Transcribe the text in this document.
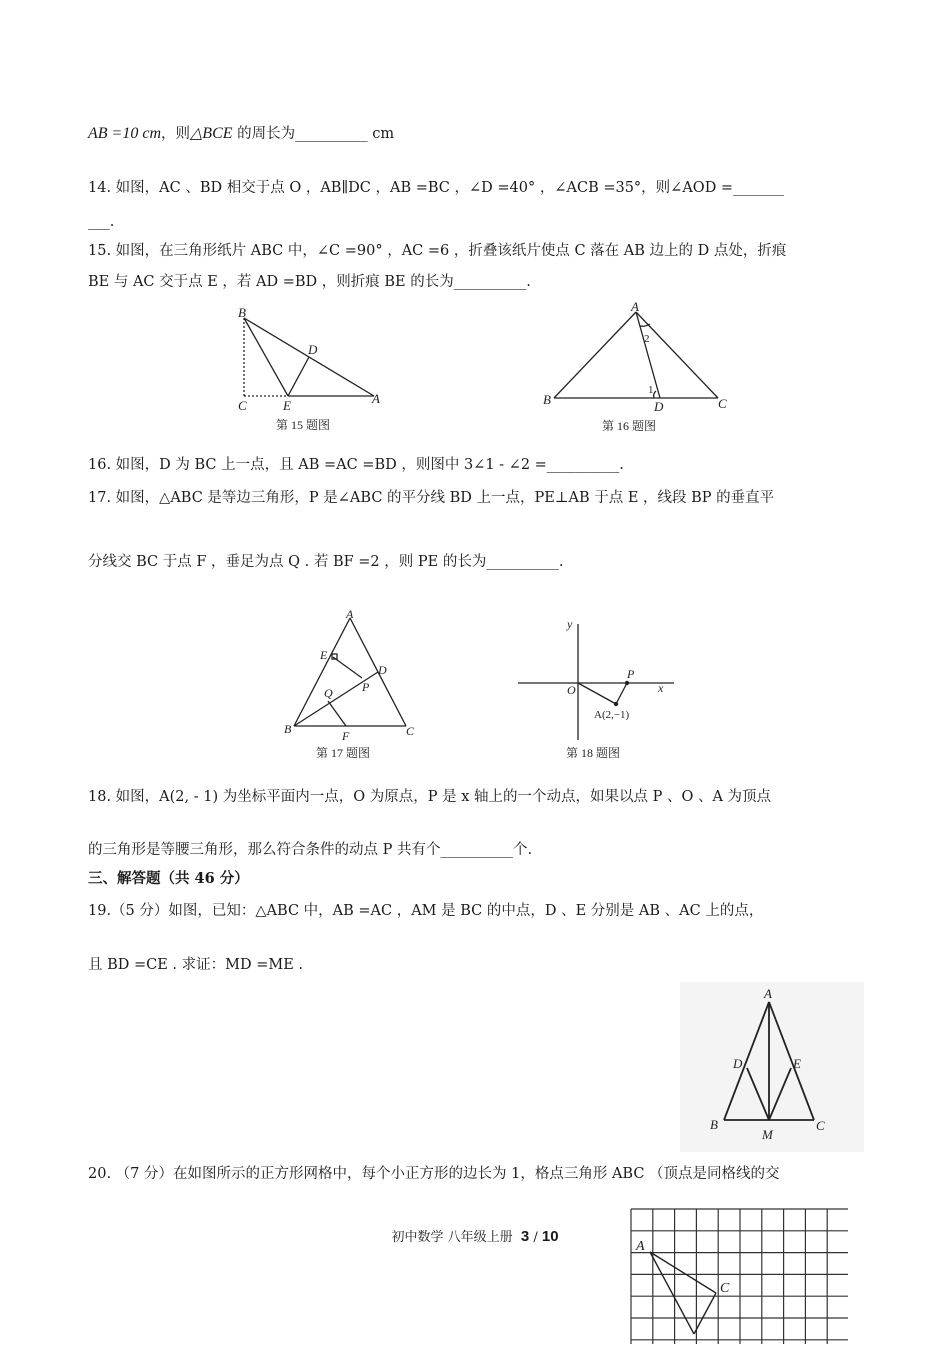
AB =10 cm，则△BCE 的周长为__________ cm
14. 如图，AC 、BD 相交于点 O ，AB∥DC ，AB =BC ，∠D =40° ，∠ACB =35°，则∠AOD =_______
___.
15. 如图，在三角形纸片 ABC 中，∠C =90° ，AC =6 ，折叠该纸片使点 C 落在 AB 边上的 D 点处，折痕
BE 与 AC 交于点 E ，若 AD =BD ，则折痕 BE 的长为__________.
B
C	E
D
A
第 15 题图
A
B	D	C
1
2
第 16 题图
16. 如图，D 为 BC 上一点，且 AB =AC =BD ，则图中 3∠1 - ∠2 =__________.
17. 如图，△ABC 是等边三角形，P 是∠ABC 的平分线 BD 上一点，PE⊥AB 于点 E ，线段 BP 的垂直平
分线交 BC 于点 F ，垂足为点 Q . 若 BF =2 ，则 PE 的长为__________.
A
E
D
Q P
B	F	C
第 17 题图
y
x
O
P
A(2,−1)
第 18 题图
18. 如图，A(2, - 1) 为坐标平面内一点，O 为原点，P 是 x 轴上的一个动点，如果以点 P 、O 、A 为顶点
的三角形是等腰三角形，那么符合条件的动点 P 共有个__________个.
三、解答题（共 46 分）
19.（5 分）如图，已知：△ABC 中，AB =AC ，AM 是 BC 的中点，D 、E 分别是 AB 、AC 上的点，
且 BD =CE . 求证：MD =ME .
A
D	E
B
M
C
20. （7 分）在如图所示的正方形网格中，每个小正方形的边长为 1，格点三角形 ABC （顶点是同格线的交
初中数学 八年级上册 3 / 10
A
C
